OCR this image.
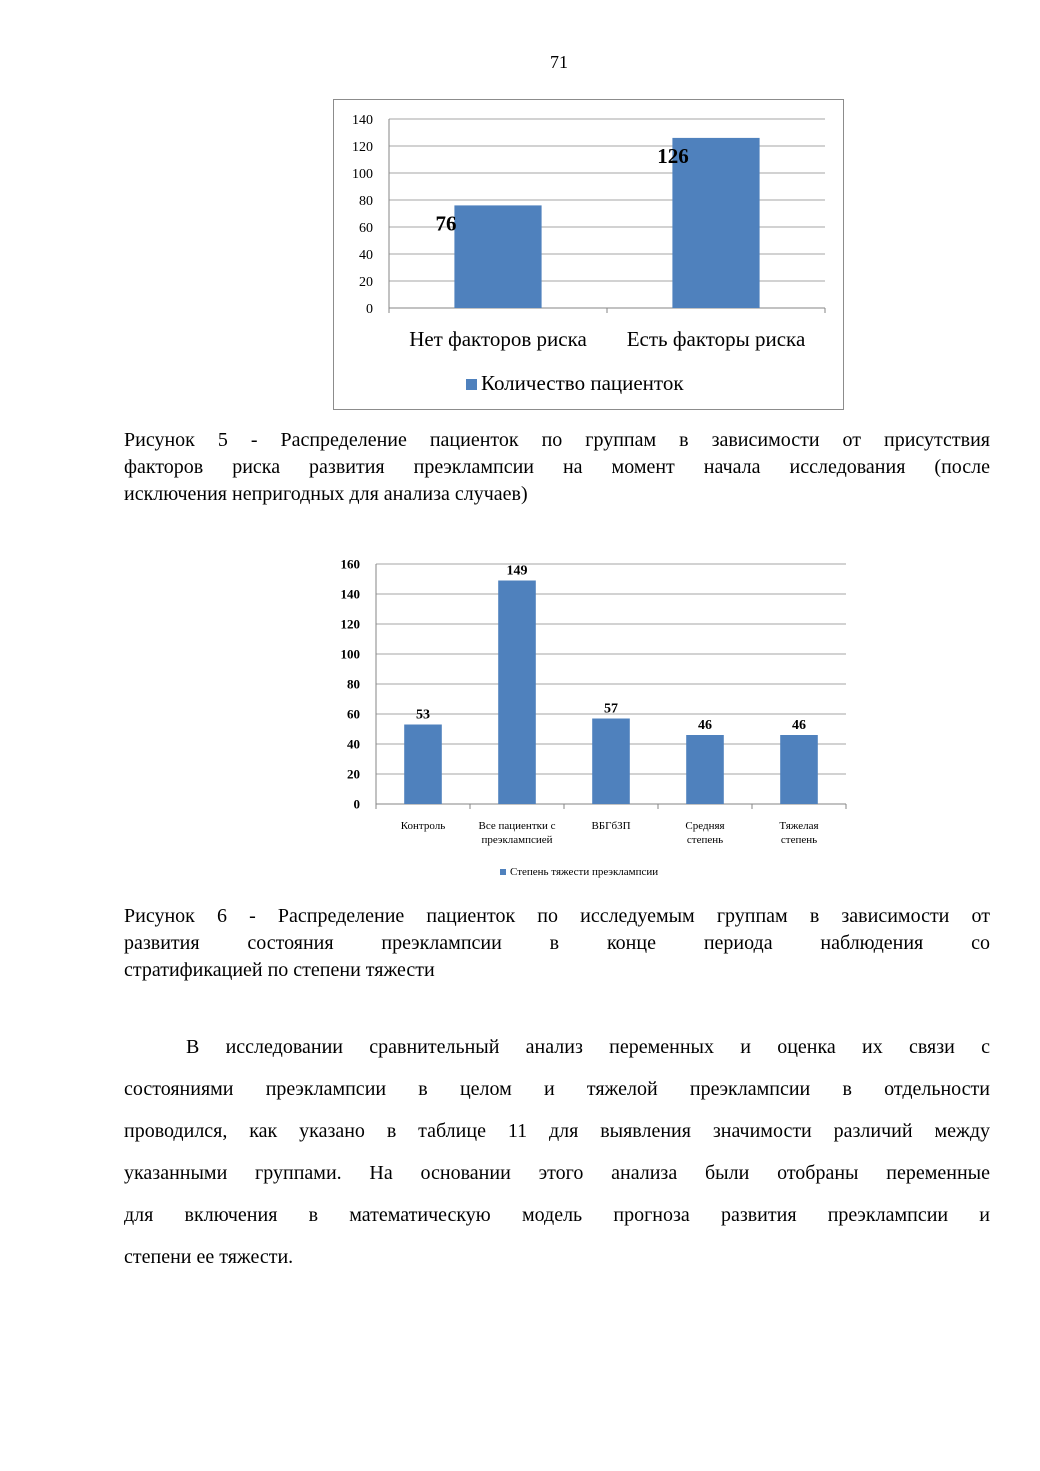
71
0
20
40
60
80
100
120
140
76
Нет факторов риска
126
Есть факторы риска
Количество пациенток

Рисунок 5 - Распределение пациенток по группам в зависимости от присутствия
факторов риска развития преэклампсии на момент начала исследования (после
исключения непригодных для анализа случаев)

0
20
40
60
80
100
120
140
160
53
Контроль
149
Все пациентки с
преэклампсией
57
ВБГбЗП
46
Средняя
степень
46
Тяжелая
степень
Степень тяжести преэклампсии

Рисунок 6 - Распределение пациенток по исследуемым группам в зависимости от
развития состояния преэклампсии в конце периода наблюдения со
стратификацией по степени тяжести

В исследовании сравнительный анализ переменных и оценка их связи с
состояниями преэклампсии в целом и тяжелой преэклампсии в отдельности
проводился, как указано в таблице 11 для выявления значимости различий между
указанными группами. На основании этого анализа были отобраны переменные
для включения в математическую модель прогноза развития преэклампсии и
степени ее тяжести.
